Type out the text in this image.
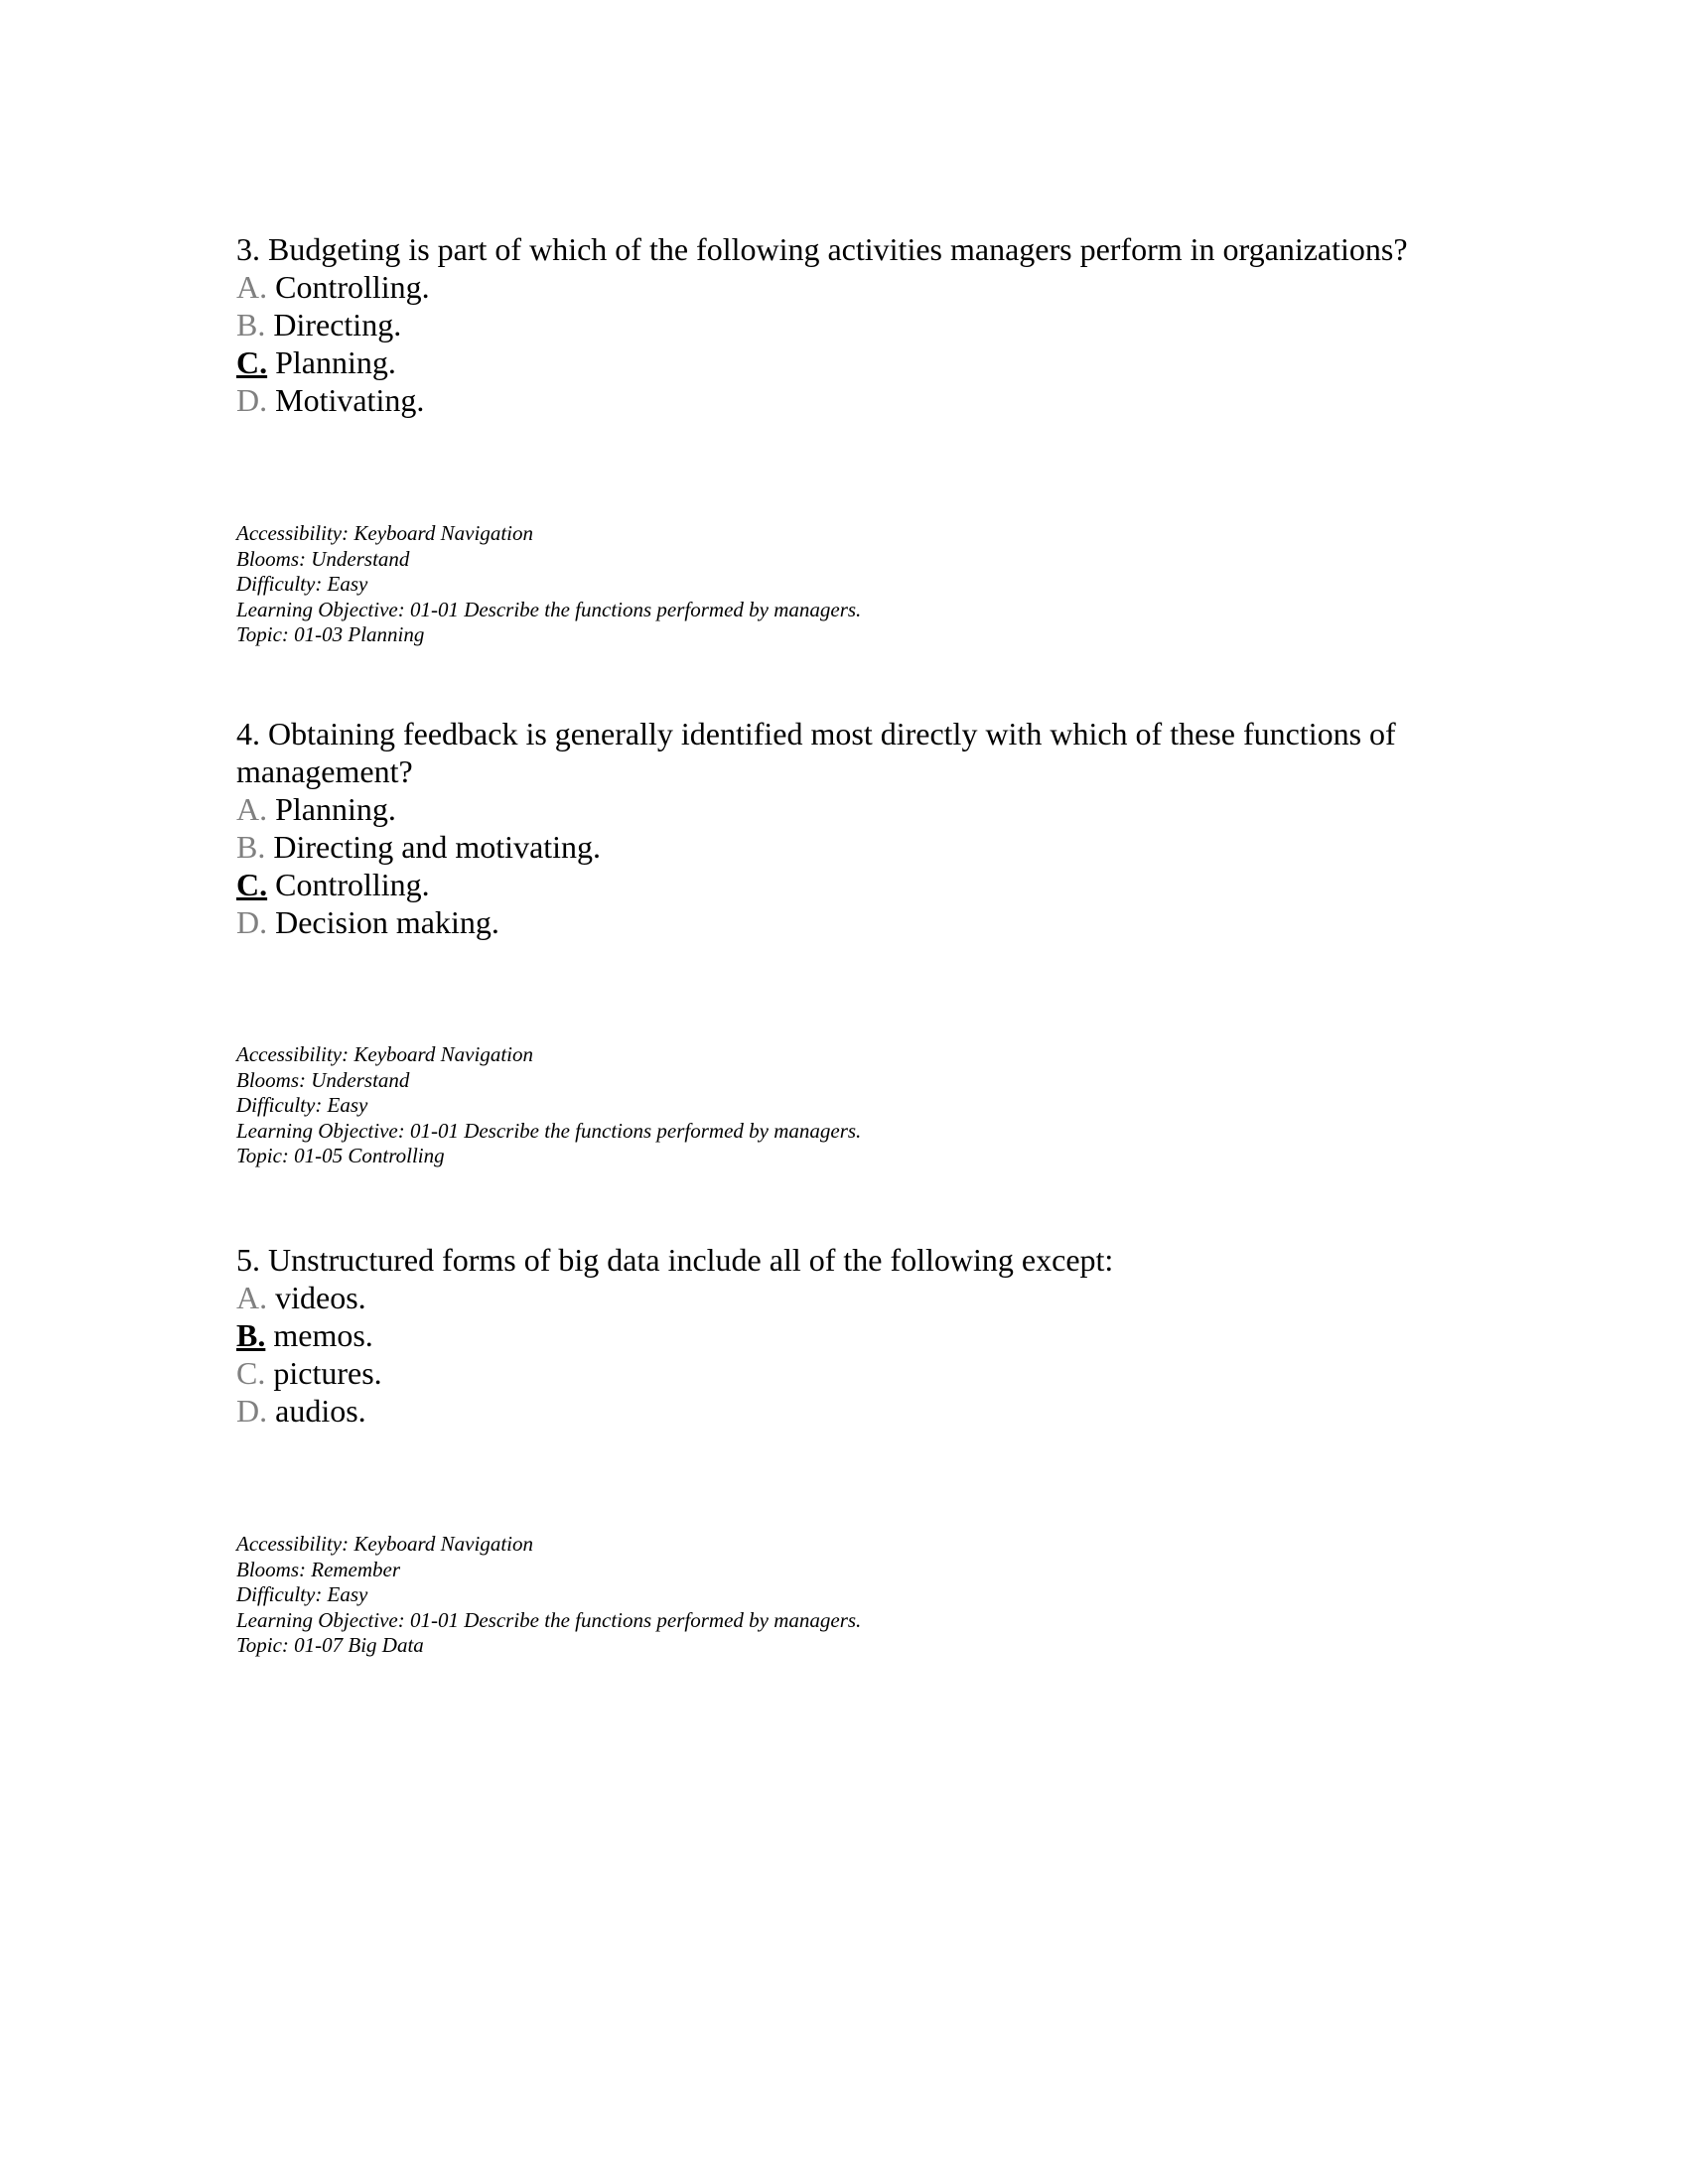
3. Budgeting is part of which of the following activities managers perform in organizations?

A. Controlling.
B. Directing.
C. Planning.
D. Motivating.

Accessibility: Keyboard Navigation

Blooms: Understand

Difficulty: Easy

Learning Objective: 01-01 Describe the functions performed by managers.

Topic: 01-03 Planning

4. Obtaining feedback is generally identified most directly with which of these functions of management?

A. Planning.
B. Directing and motivating.
C. Controlling.
D. Decision making.

Accessibility: Keyboard Navigation

Blooms: Understand

Difficulty: Easy

Learning Objective: 01-01 Describe the functions performed by managers.

Topic: 01-05 Controlling

5. Unstructured forms of big data include all of the following except:

A. videos.
B. memos.
C. pictures.
D. audios.

Accessibility: Keyboard Navigation

Blooms: Remember

Difficulty: Easy

Learning Objective: 01-01 Describe the functions performed by managers.

Topic: 01-07 Big Data
